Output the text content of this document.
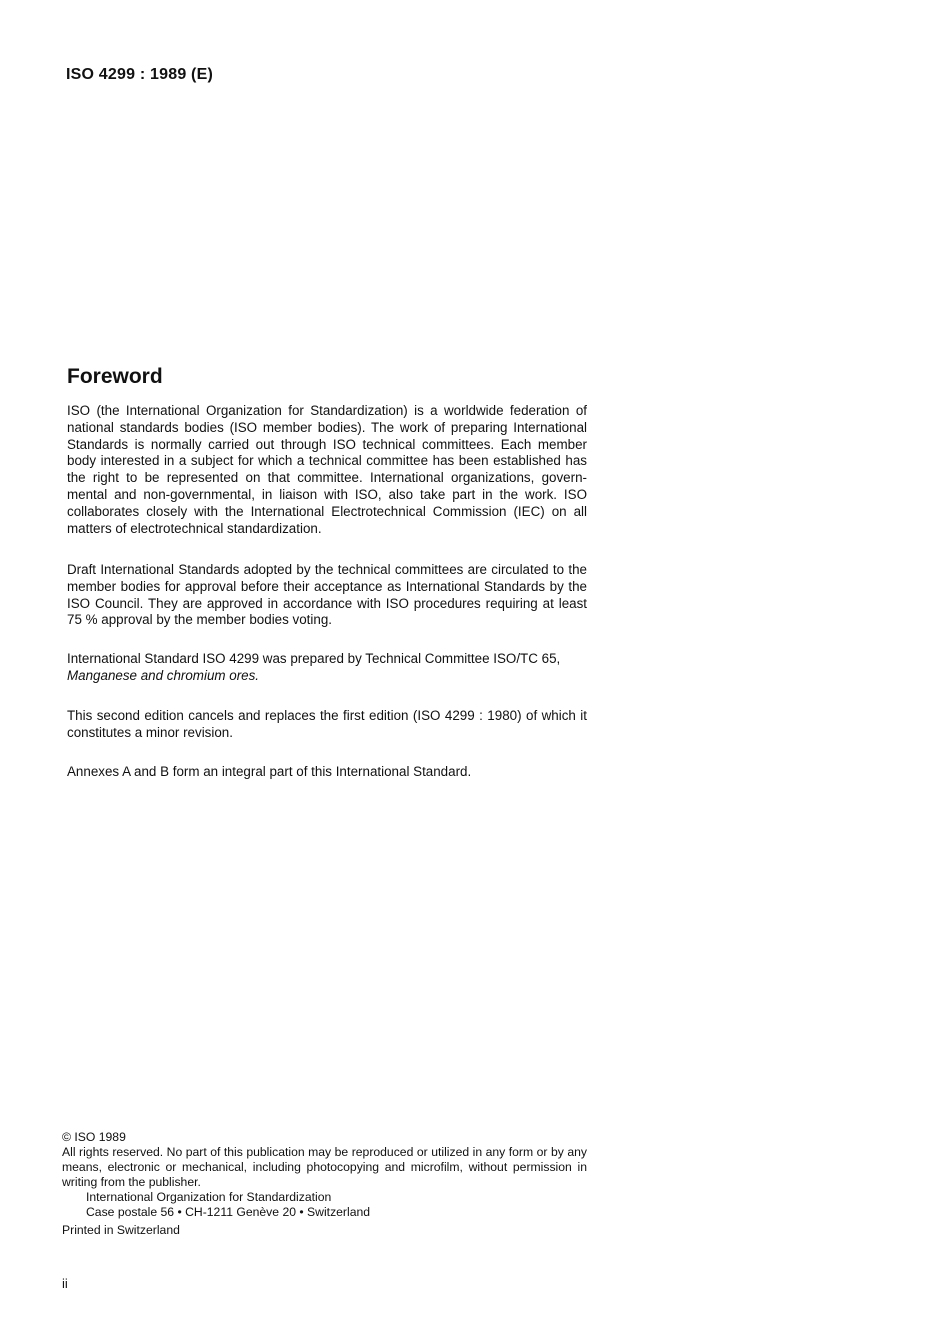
ISO 4299 : 1989 (E)
Foreword

ISO (the International Organization for Standardization) is a worldwide federation of national standards bodies (ISO member bodies). The work of preparing International Standards is normally carried out through ISO technical committees. Each member body interested in a subject for which a technical committee has been established has the right to be represented on that committee. International organizations, govern-mental and non-governmental, in liaison with ISO, also take part in the work. ISO collaborates closely with the International Electrotechnical Commission (IEC) on all matters of electrotechnical standardization.

Draft International Standards adopted by the technical committees are circulated to the member bodies for approval before their acceptance as International Standards by the ISO Council. They are approved in accordance with ISO procedures requiring at least 75 % approval by the member bodies voting.

International Standard ISO 4299 was prepared by Technical Committee ISO/TC 65,
Manganese and chromium ores.

This second edition cancels and replaces the first edition (ISO 4299 : 1980) of which it constitutes a minor revision.

Annexes A and B form an integral part of this International Standard.

© ISO 1989
All rights reserved. No part of this publication may be reproduced or utilized in any form or by any means, electronic or mechanical, including photocopying and microfilm, without permission in writing from the publisher.
International Organization for Standardization
Case postale 56 • CH-1211 Genève 20 • Switzerland
Printed in Switzerland
ii
